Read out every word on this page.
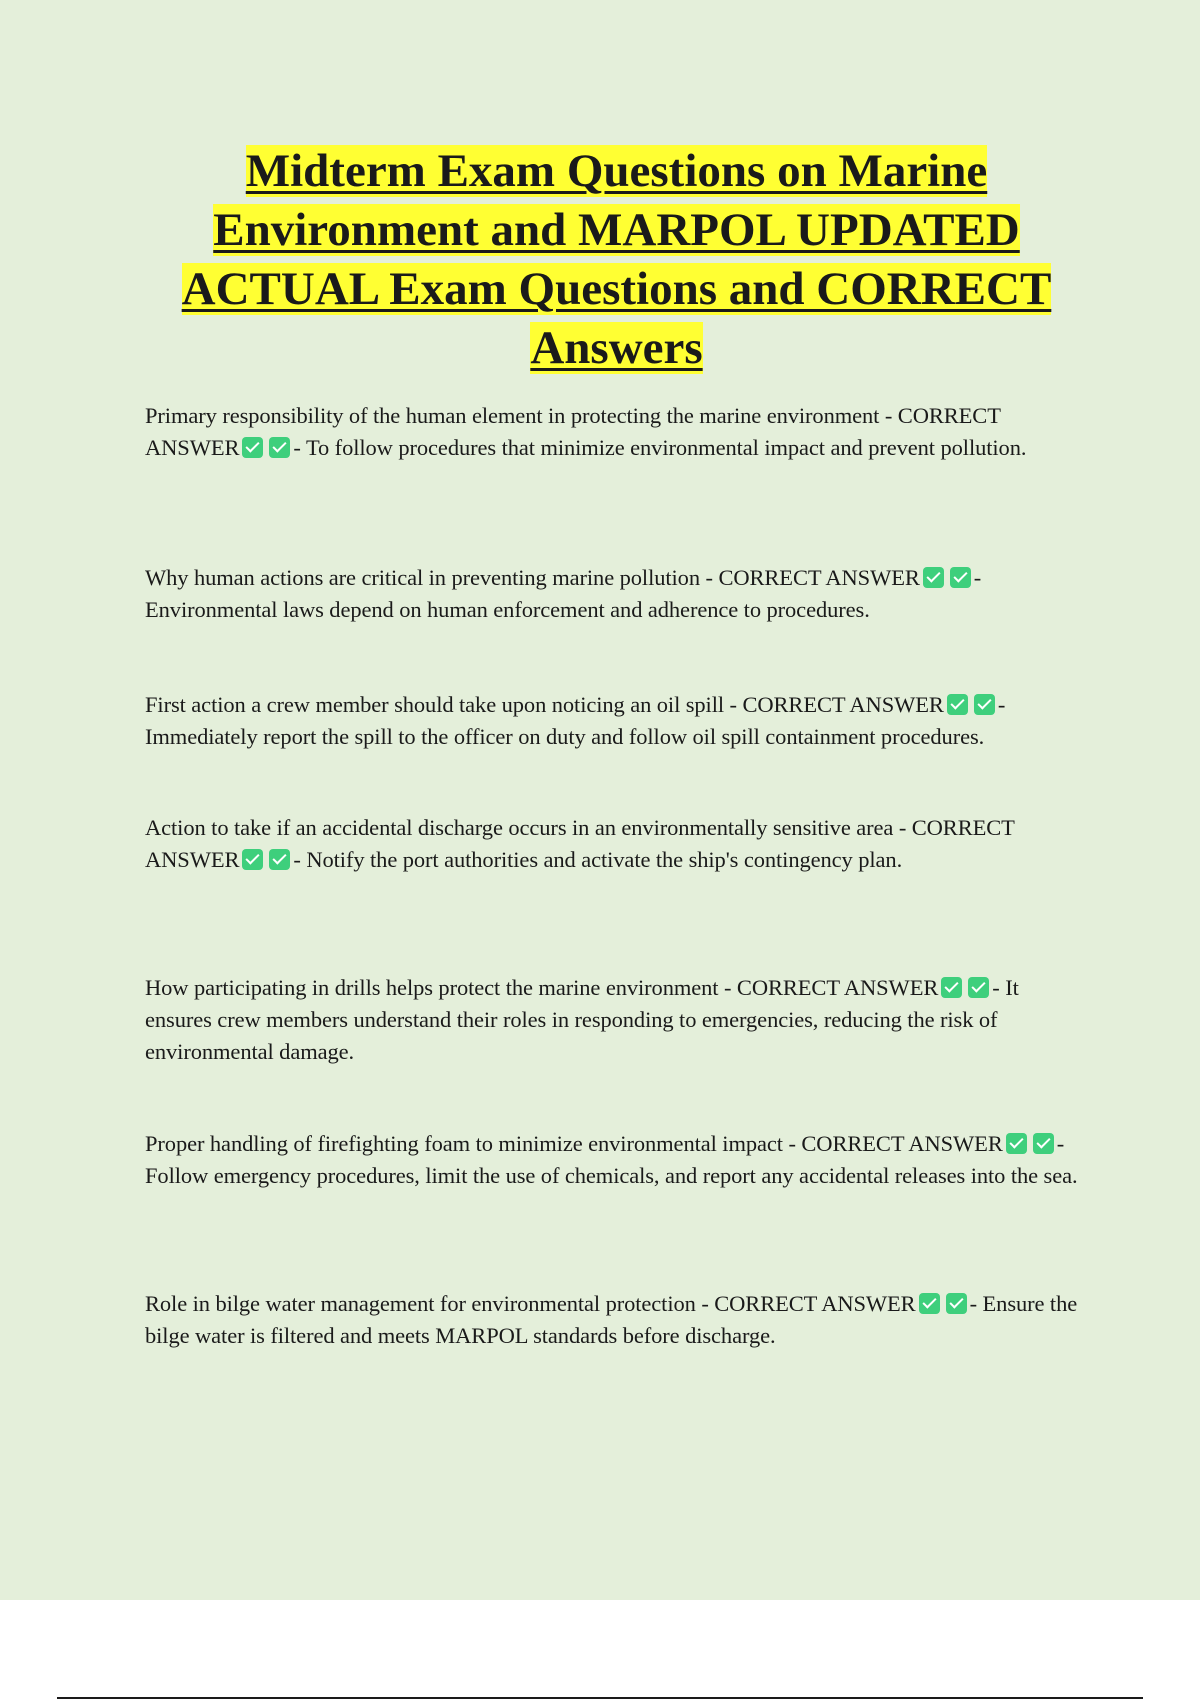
Midterm Exam Questions on Marine Environment and MARPOL UPDATED ACTUAL Exam Questions and CORRECT Answers

Primary responsibility of the human element in protecting the marine environment - CORRECT ANSWER - To follow procedures that minimize environmental impact and prevent pollution.

Why human actions are critical in preventing marine pollution - CORRECT ANSWER - Environmental laws depend on human enforcement and adherence to procedures.

First action a crew member should take upon noticing an oil spill - CORRECT ANSWER - Immediately report the spill to the officer on duty and follow oil spill containment procedures.

Action to take if an accidental discharge occurs in an environmentally sensitive area - CORRECT ANSWER - Notify the port authorities and activate the ship's contingency plan.

How participating in drills helps protect the marine environment - CORRECT ANSWER - It ensures crew members understand their roles in responding to emergencies, reducing the risk of environmental damage.

Proper handling of firefighting foam to minimize environmental impact - CORRECT ANSWER - Follow emergency procedures, limit the use of chemicals, and report any accidental releases into the sea.

Role in bilge water management for environmental protection - CORRECT ANSWER - Ensure the bilge water is filtered and meets MARPOL standards before discharge.
